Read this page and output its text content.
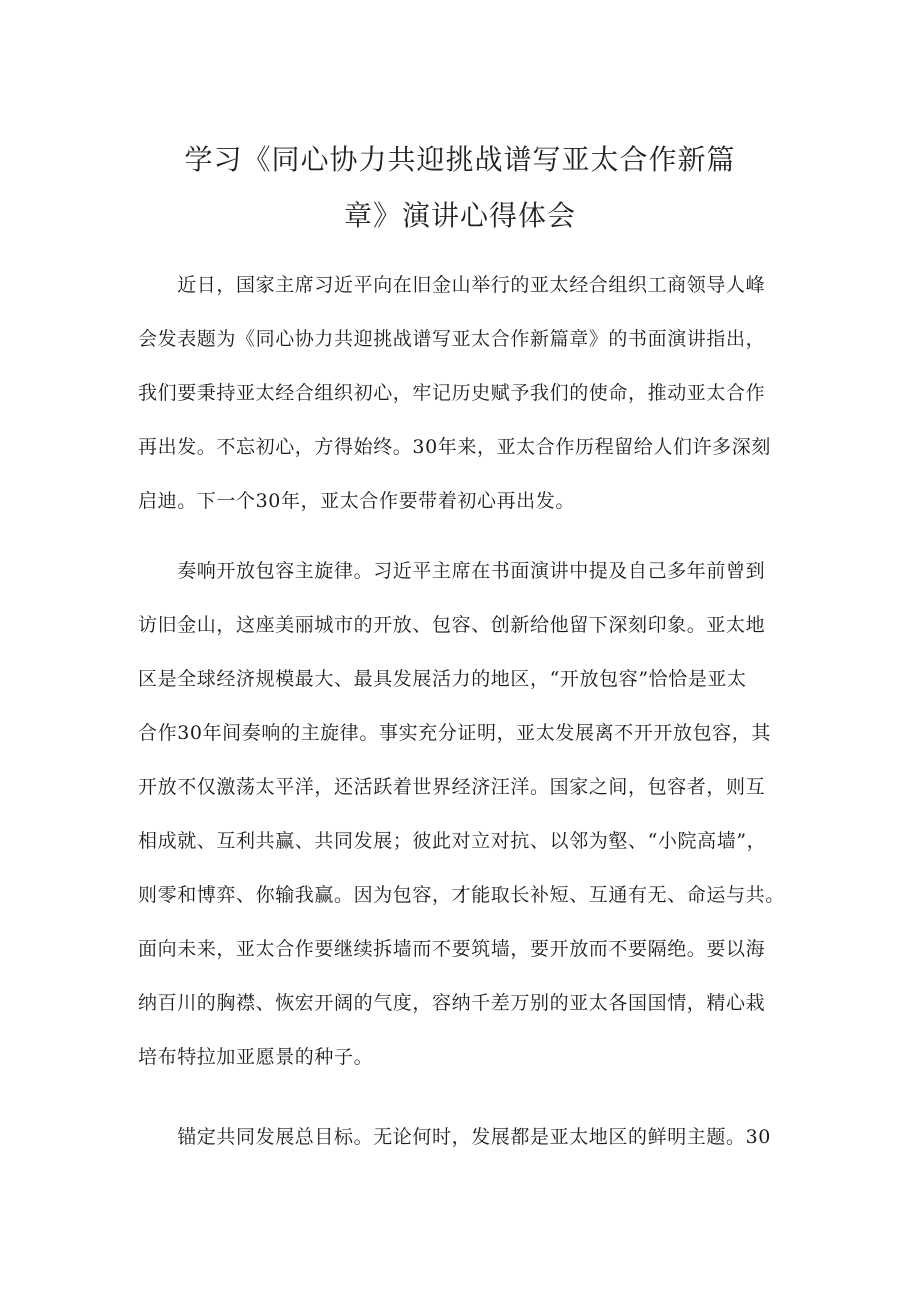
学习《同心协力共迎挑战谱写亚太合作新篇
章》演讲心得体会
　　近日，国家主席习近平向在旧金山举行的亚太经合组织工商领导人峰
会发表题为《同心协力共迎挑战谱写亚太合作新篇章》的书面演讲指出，
我们要秉持亚太经合组织初心，牢记历史赋予我们的使命，推动亚太合作
再出发。不忘初心，方得始终。30年来，亚太合作历程留给人们许多深刻
启迪。下一个30年，亚太合作要带着初心再出发。
　　奏响开放包容主旋律。习近平主席在书面演讲中提及自己多年前曾到
访旧金山，这座美丽城市的开放、包容、创新给他留下深刻印象。亚太地
区是全球经济规模最大、最具发展活力的地区，“开放包容”恰恰是亚太
合作30年间奏响的主旋律。事实充分证明，亚太发展离不开开放包容，其
开放不仅激荡太平洋，还活跃着世界经济汪洋。国家之间，包容者，则互
相成就、互利共赢、共同发展；彼此对立对抗、以邻为壑、“小院高墙”，
则零和博弈、你输我赢。因为包容，才能取长补短、互通有无、命运与共。
面向未来，亚太合作要继续拆墙而不要筑墙，要开放而不要隔绝。要以海
纳百川的胸襟、恢宏开阔的气度，容纳千差万别的亚太各国国情，精心栽
培布特拉加亚愿景的种子。
　　锚定共同发展总目标。无论何时，发展都是亚太地区的鲜明主题。30
